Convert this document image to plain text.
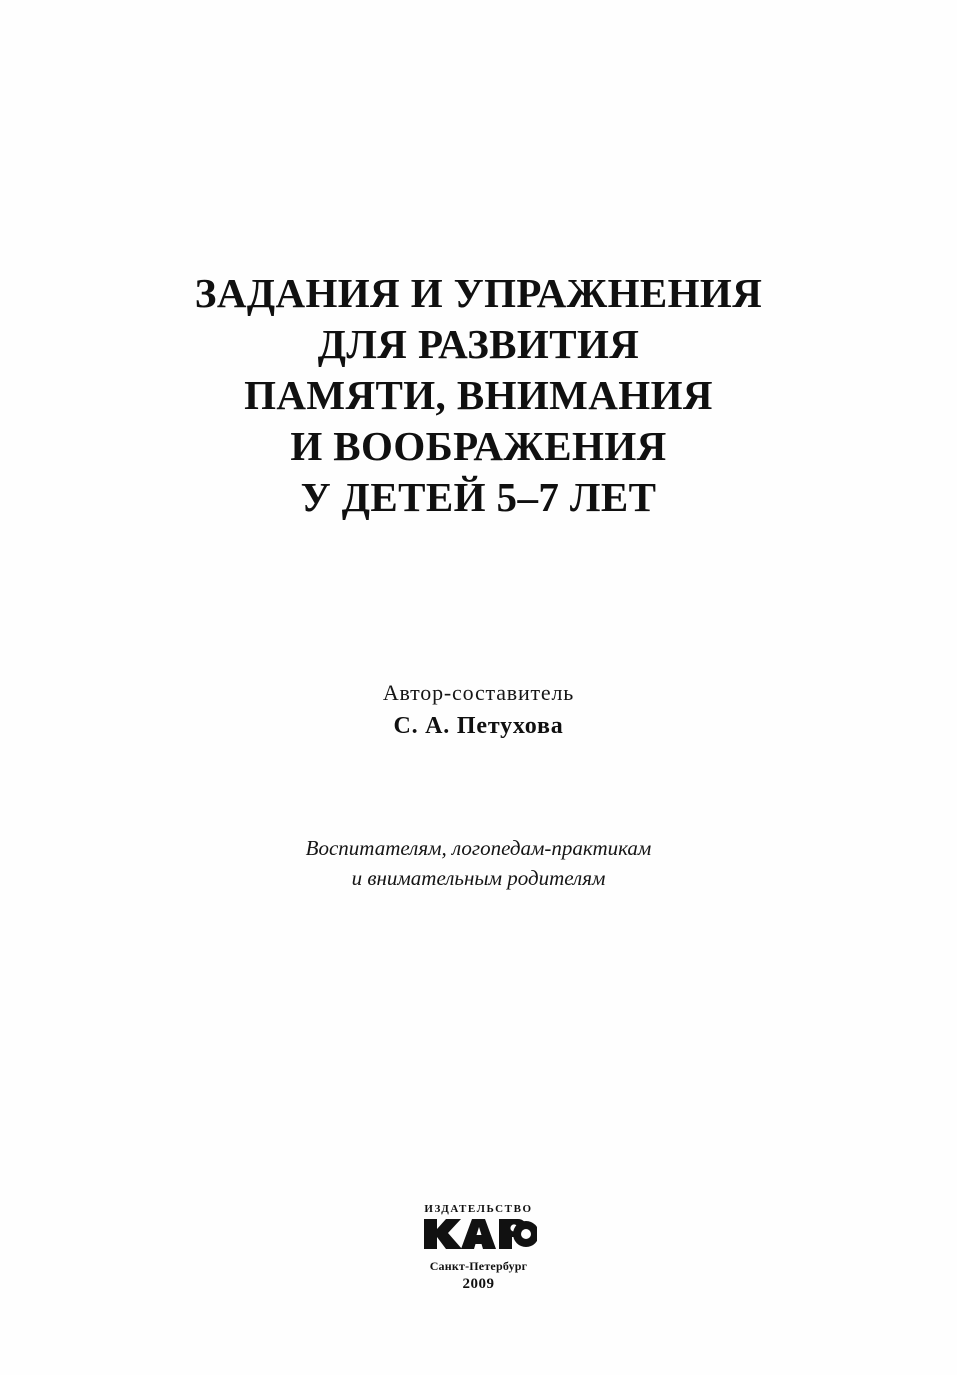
ЗАДАНИЯ И УПРАЖНЕНИЯ
ДЛЯ РАЗВИТИЯ
ПАМЯТИ, ВНИМАНИЯ
И ВООБРАЖЕНИЯ
У ДЕТЕЙ 5–7 ЛЕТ
Автор-составитель
С. А. Петухова
Воспитателям, логопедам-практикам
и внимательным родителям
ИЗДАТЕЛЬСТВО
Санкт-Петербург
2009
